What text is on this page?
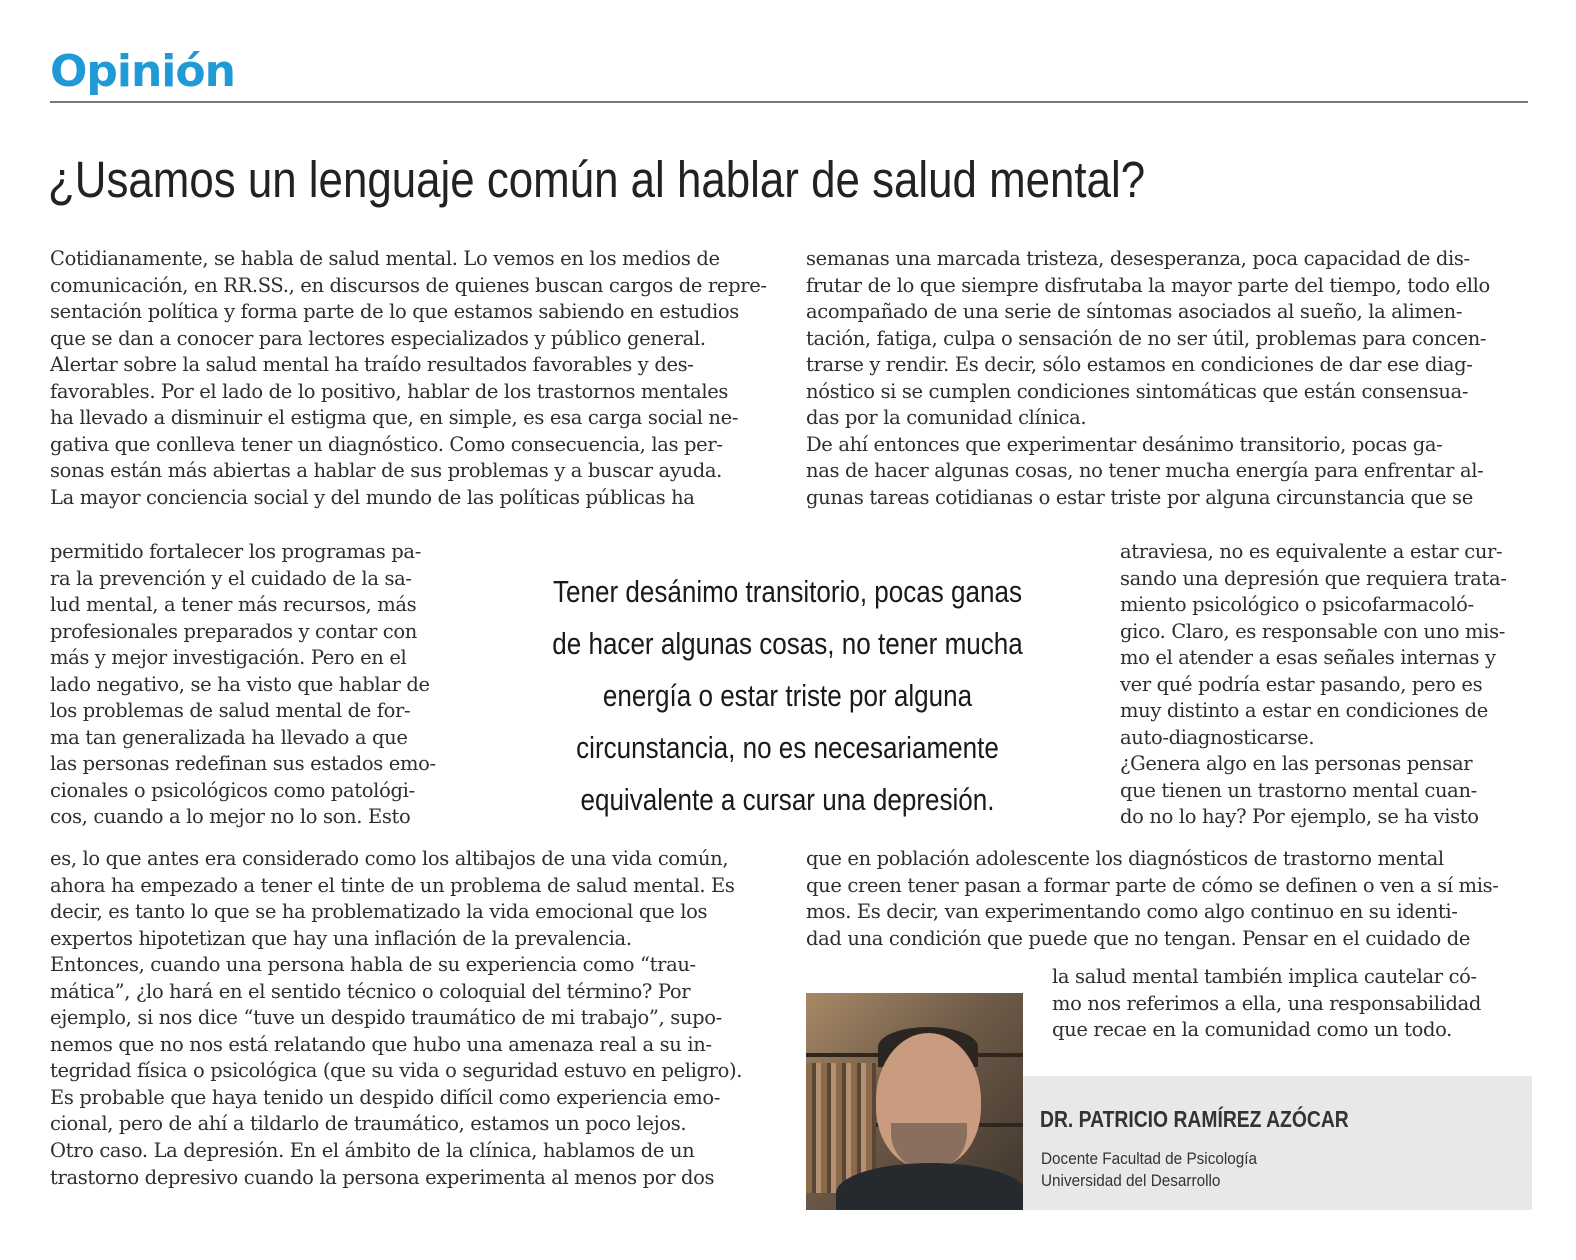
Opinión
¿Usamos un lenguaje común al hablar de salud mental?
Cotidianamente, se habla de salud mental. Lo vemos en los medios de
comunicación, en RR.SS., en discursos de quienes buscan cargos de repre-
sentación política y forma parte de lo que estamos sabiendo en estudios
que se dan a conocer para lectores especializados y público general.
Alertar sobre la salud mental ha traído resultados favorables y des-
favorables. Por el lado de lo positivo, hablar de los trastornos mentales
ha llevado a disminuir el estigma que, en simple, es esa carga social ne-
gativa que conlleva tener un diagnóstico. Como consecuencia, las per-
sonas están más abiertas a hablar de sus problemas y a buscar ayuda.
La mayor conciencia social y del mundo de las políticas públicas ha
permitido fortalecer los programas pa-
ra la prevención y el cuidado de la sa-
lud mental, a tener más recursos, más
profesionales preparados y contar con
más y mejor investigación. Pero en el
lado negativo, se ha visto que hablar de
los problemas de salud mental de for-
ma tan generalizada ha llevado a que
las personas redefinan sus estados emo-
cionales o psicológicos como patológi-
cos, cuando a lo mejor no lo son. Esto
es, lo que antes era considerado como los altibajos de una vida común,
ahora ha empezado a tener el tinte de un problema de salud mental. Es
decir, es tanto lo que se ha problematizado la vida emocional que los
expertos hipotetizan que hay una inflación de la prevalencia.
Entonces, cuando una persona habla de su experiencia como “trau-
mática”, ¿lo hará en el sentido técnico o coloquial del término? Por
ejemplo, si nos dice “tuve un despido traumático de mi trabajo”, supo-
nemos que no nos está relatando que hubo una amenaza real a su in-
tegridad física o psicológica (que su vida o seguridad estuvo en peligro).
Es probable que haya tenido un despido difícil como experiencia emo-
cional, pero de ahí a tildarlo de traumático, estamos un poco lejos.
Otro caso. La depresión. En el ámbito de la clínica, hablamos de un
trastorno depresivo cuando la persona experimenta al menos por dos
semanas una marcada tristeza, desesperanza, poca capacidad de dis-
frutar de lo que siempre disfrutaba la mayor parte del tiempo, todo ello
acompañado de una serie de síntomas asociados al sueño, la alimen-
tación, fatiga, culpa o sensación de no ser útil, problemas para concen-
trarse y rendir. Es decir, sólo estamos en condiciones de dar ese diag-
nóstico si se cumplen condiciones sintomáticas que están consensua-
das por la comunidad clínica.
De ahí entonces que experimentar desánimo transitorio, pocas ga-
nas de hacer algunas cosas, no tener mucha energía para enfrentar al-
gunas tareas cotidianas o estar triste por alguna circunstancia que se
atraviesa, no es equivalente a estar cur-
sando una depresión que requiera trata-
miento psicológico o psicofarmacoló-
gico. Claro, es responsable con uno mis-
mo el atender a esas señales internas y
ver qué podría estar pasando, pero es
muy distinto a estar en condiciones de
auto-diagnosticarse.
¿Genera algo en las personas pensar
que tienen un trastorno mental cuan-
do no lo hay? Por ejemplo, se ha visto
que en población adolescente los diagnósticos de trastorno mental
que creen tener pasan a formar parte de cómo se definen o ven a sí mis-
mos. Es decir, van experimentando como algo continuo en su identi-
dad una condición que puede que no tengan. Pensar en el cuidado de
la salud mental también implica cautelar có-
mo nos referimos a ella, una responsabilidad
que recae en la comunidad como un todo.
Tener desánimo transitorio, pocas ganas
de hacer algunas cosas, no tener mucha
energía o estar triste por alguna
circunstancia, no es necesariamente
equivalente a cursar una depresión.
DR. PATRICIO RAMÍREZ AZÓCAR
Docente Facultad de Psicología
Universidad del Desarrollo
